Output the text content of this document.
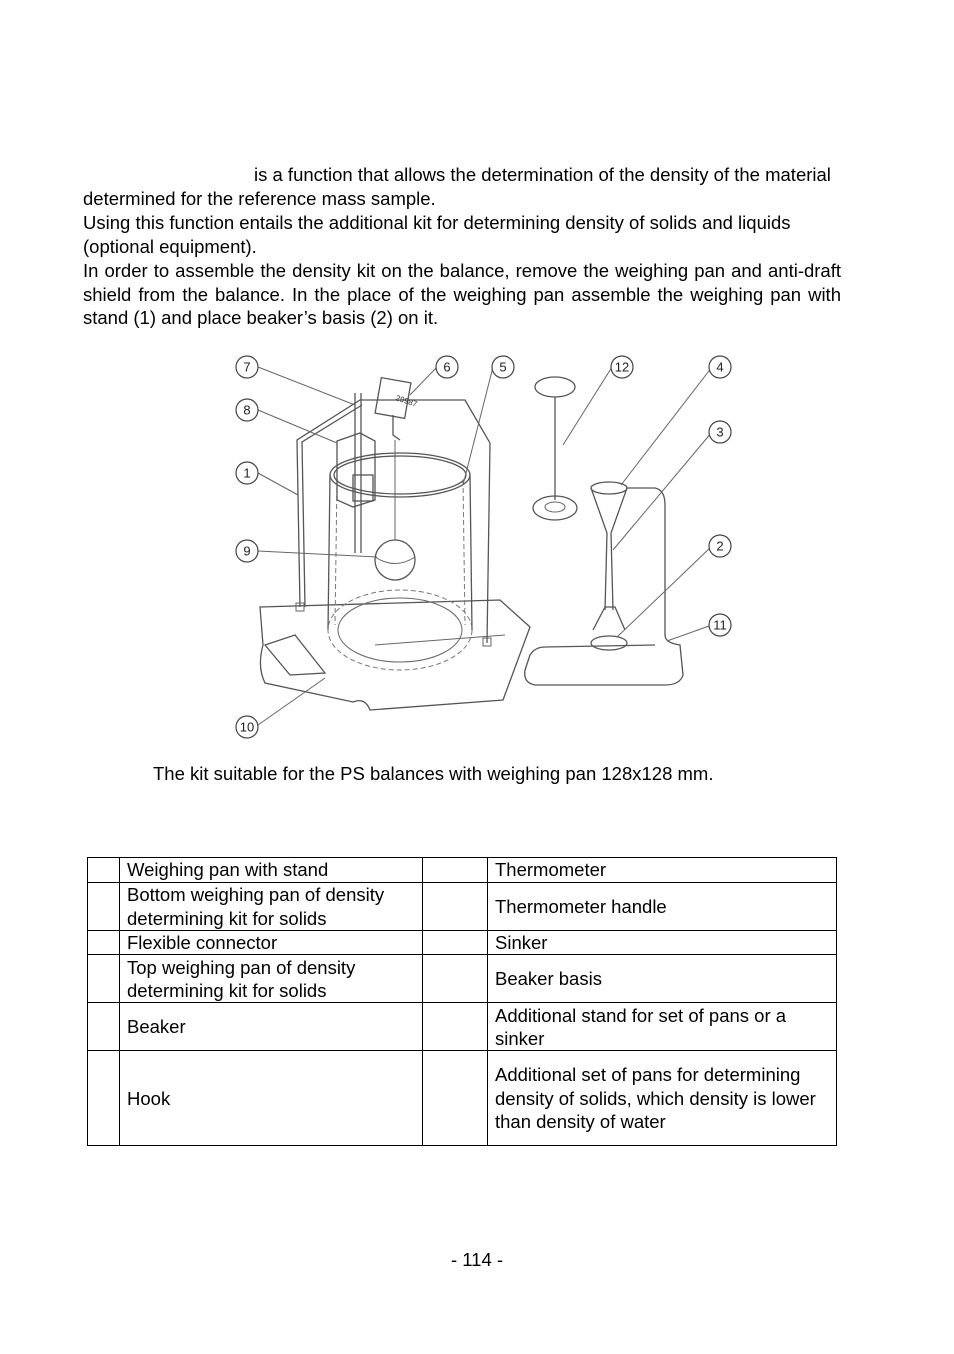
is a function that allows the determination of the density of the material determined for the reference mass sample.

Using this function entails the additional kit for determining density of solids and liquids (optional equipment).

In order to assemble the density kit on the balance, remove the weighing pan and anti-draft shield from the balance. In the place of the weighing pan assemble the weighing pan with stand (1) and place beaker’s basis (2) on it.

29987
7
8
1
9
10
6	5	12	4
3
2
11
The kit suitable for the PS balances with weighing pan 128x128 mm.
	Weighing pan with stand		Thermometer
	Bottom weighing pan of density determining kit for solids		Thermometer handle
	Flexible connector		Sinker
	Top weighing pan of density determining kit for solids		Beaker basis
	Beaker		Additional stand for set of pans or a sinker
	Hook		Additional set of pans for determining density of solids, which density is lower than density of water
- 114 -
